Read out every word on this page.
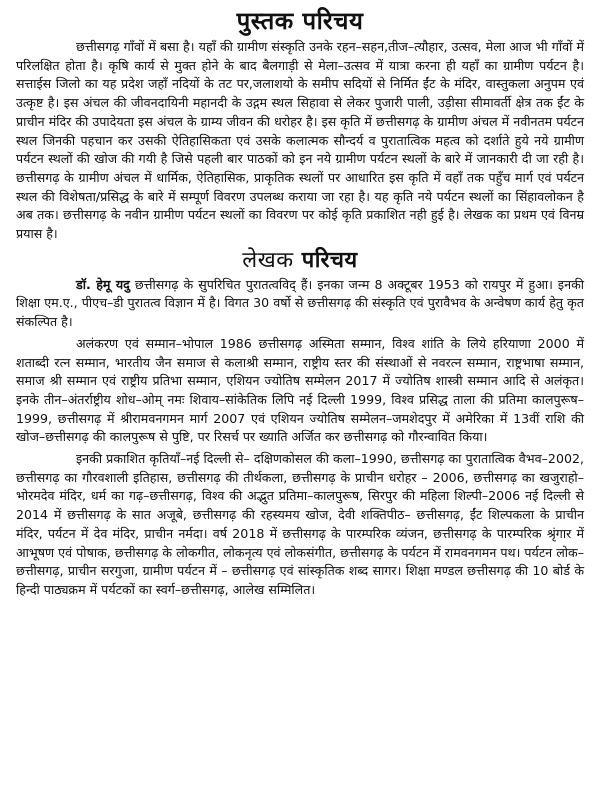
पुस्तक परिचय

छत्तीसगढ़ गाँवों में बसा है। यहाँ की ग्रामीण संस्कृति उनके रहन–सहन,तीज–त्यौहार, उत्सव, मेला आज भी गाँवों में परिलक्षित होता है। कृषि कार्य से मुक्त होने के बाद बैलगाड़ी से मेला–उत्सव में यात्रा करना ही यहाँ का ग्रामीण पर्यटन है। सत्ताईस जिलो का यह प्रदेश जहाँ नदियों के तट पर,जलाशयो के समीप सदियों से निर्मित ईंट के मंदिर, वास्तुकला अनुपम एवं उत्कृष्ट है। इस अंचल की जीवनदायिनी महानदी के उद्गम स्थल सिहावा से लेकर पुजारी पाली, उड़ीसा सीमावर्ती क्षेत्र तक ईंट के प्राचीन मंदिर की उपादेयता इस अंचल के ग्राम्य जीवन की धरोहर है। इस कृति में छत्तीसगढ़ के ग्रामीण अंचल में नवीनतम पर्यटन स्थल जिनकी पहचान कर उसकी ऐतिहासिकता एवं उसके कलात्मक सौन्दर्य व पुरातात्विक महत्व को दर्शाते हुये नये ग्रामीण पर्यटन स्थलों की खोज की गयी है जिसे पहली बार पाठकों को इन नये ग्रामीण पर्यटन स्थलों के बारे में जानकारी दी जा रही है। छत्तीसगढ़ के ग्रामीण अंचल में धार्मिक, ऐतिहासिक, प्राकृतिक स्थलों पर आधारित इस कृति में वहाँ तक पहुँच मार्ग एवं पर्यटन स्थल की विशेषता/प्रसिद्ध के बारे में सम्पूर्ण विवरण उपलब्ध कराया जा रहा है। यह कृति नये पर्यटन स्थलों का सिंहावलोकन है अब तक। छत्तीसगढ़ के नवीन ग्रामीण पर्यटन स्थलों का विवरण पर कोई कृति प्रकाशित नही हुई है। लेखक का प्रथम एवं विनम्र प्रयास है।

लेखक परिचय

डॉ. हेमू यदु छत्तीसगढ़ के सुपरिचित पुरातत्वविद् हैं। इनका जन्म 8 अक्टूबर 1953 को रायपुर में हुआ। इनकी शिक्षा एम.ए., पीएच–डी पुरातत्व विज्ञान में है। विगत 30 वर्षो से छत्तीसगढ़ की संस्कृति एवं पुरावैभव के अन्वेषण कार्य हेतु कृत संकल्पित है।

अलंकरण एवं सम्मान–भोपाल 1986 छत्तीसगढ़ अस्मिता सम्मान, विश्व शांति के लिये हरियाणा 2000 में शताब्दी रत्न सम्मान, भारतीय जैन समाज से कलाश्री सम्मान, राष्ट्रीय स्तर की संस्थाओं से नवरत्न सम्मान, राष्ट्रभाषा सम्मान, समाज श्री सम्मान एवं राष्ट्रीय प्रतिभा सम्मान, एशियन ज्योतिष सम्मेलन 2017 में ज्योतिष शास्त्री सम्मान आदि से अलंकृत। इनके तीन–अंतर्राष्ट्रीय शोध–ओम् नमः शिवाय–सांकेतिक लिपि नई दिल्ली 1999, विश्व प्रसिद्ध ताला की प्रतिमा कालपुरूष–1999, छत्तीसगढ़ में श्रीरामवनगमन मार्ग 2007 एवं एशियन ज्योतिष सम्मेलन–जमशेदपुर में अमेरिका में 13वीं राशि की खोज–छत्तीसगढ़ की कालपुरूष से पुष्टि, पर रिसर्च पर ख्याति अर्जित कर छत्तीसगढ़ को गौरन्वावित किया।

इनकी प्रकाशित कृतियाँ–नई दिल्ली से– दक्षिणकोसल की कला–1990, छत्तीसगढ़ का पुरातात्विक वैभव–2002, छत्तीसगढ़ का गौरवशाली इतिहास, छत्तीसगढ़ की तीर्थकला, छत्तीसगढ़ के प्राचीन धरोहर – 2006, छत्तीसगढ़ का खजुराहो–भोरमदेव मंदिर, धर्म का गढ़–छत्तीसगढ़, विश्व की अद्भुत प्रतिमा–कालपुरूष, सिरपुर की महिला शिल्पी–2006 नई दिल्ली से 2014 में छत्तीसगढ़ के सात अजूबे, छत्तीसगढ़ की रहस्यमय खोज, देवी शक्तिपीठ– छत्तीसगढ़, ईंट शिल्पकला के प्राचीन मंदिर, पर्यटन में देव मंदिर, प्राचीन नर्मदा। वर्ष 2018 में छत्तीसगढ़ के पारम्परिक व्यंजन, छत्तीसगढ़ के पारम्परिक श्रृंगार में आभूषण एवं पोषाक, छत्तीसगढ़ के लोकगीत, लोकनृत्य एवं लोकसंगीत, छत्तीसगढ़ के पर्यटन में रामवनगमन पथ। पर्यटन लोक–छत्तीसगढ़, प्राचीन सरगुजा, ग्रामीण पर्यटन में – छत्तीसगढ़ एवं सांस्कृतिक शब्द सागर। शिक्षा मण्डल छत्तीसगढ़ की 10 बोर्ड के हिन्दी पाठ्यक्रम में पर्यटकों का स्वर्ग–छत्तीसगढ़, आलेख सम्मिलित।
